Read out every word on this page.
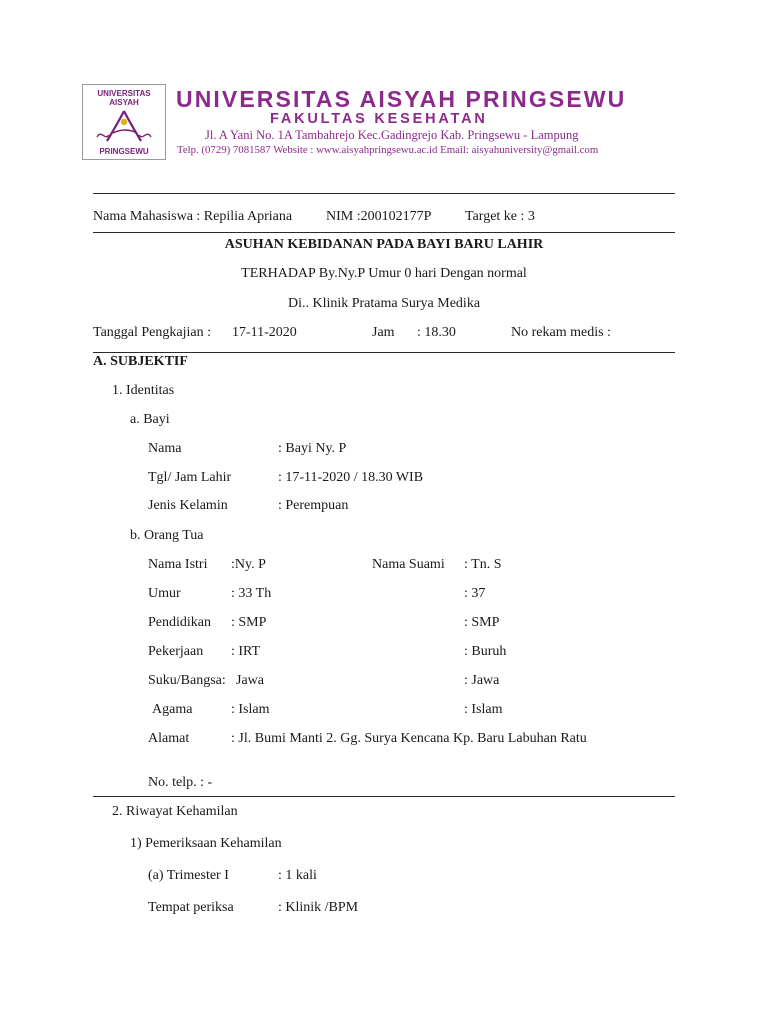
UNIVERSITAS
AISYAH
PRINGSEWU
UNIVERSITAS AISYAH PRINGSEWU
FAKULTAS KESEHATAN
Jl. A Yani No. 1A Tambahrejo Kec.Gadingrejo Kab. Pringsewu - Lampung
Telp. (0729) 7081587 Website : www.aisyahpringsewu.ac.id Email: aisyahuniversity@gmail.com
Nama Mahasiswa : Repilia Apriana NIM :200102177P Target ke : 3
ASUHAN KEBIDANAN PADA BAYI BARU LAHIR
TERHADAP By.Ny.P Umur 0 hari Dengan normal
Di.. Klinik Pratama Surya Medika
Tanggal Pengkajian : 17-11-2020	Jam : 18.30	No rekam medis :
A. SUBJEKTIF
1. Identitas
a. Bayi
Nama	: Bayi Ny. P
Tgl/ Jam Lahir	: 17-11-2020 / 18.30 WIB
Jenis Kelamin	: Perempuan
b. Orang Tua
Nama Istri :Ny. P	Nama Suami : Tn. S
Umur	: 33 Th	: 37
Pendidikan : SMP	: SMP
Pekerjaan : IRT	: Buruh
Suku/Bangsa: Jawa	: Jawa
Agama	: Islam	: Islam
Alamat	: Jl. Bumi Manti 2. Gg. Surya Kencana Kp. Baru Labuhan Ratu
No. telp. : -
2. Riwayat Kehamilan
1) Pemeriksaan Kehamilan
(a) Trimester I	: 1 kali
Tempat periksa	: Klinik /BPM
